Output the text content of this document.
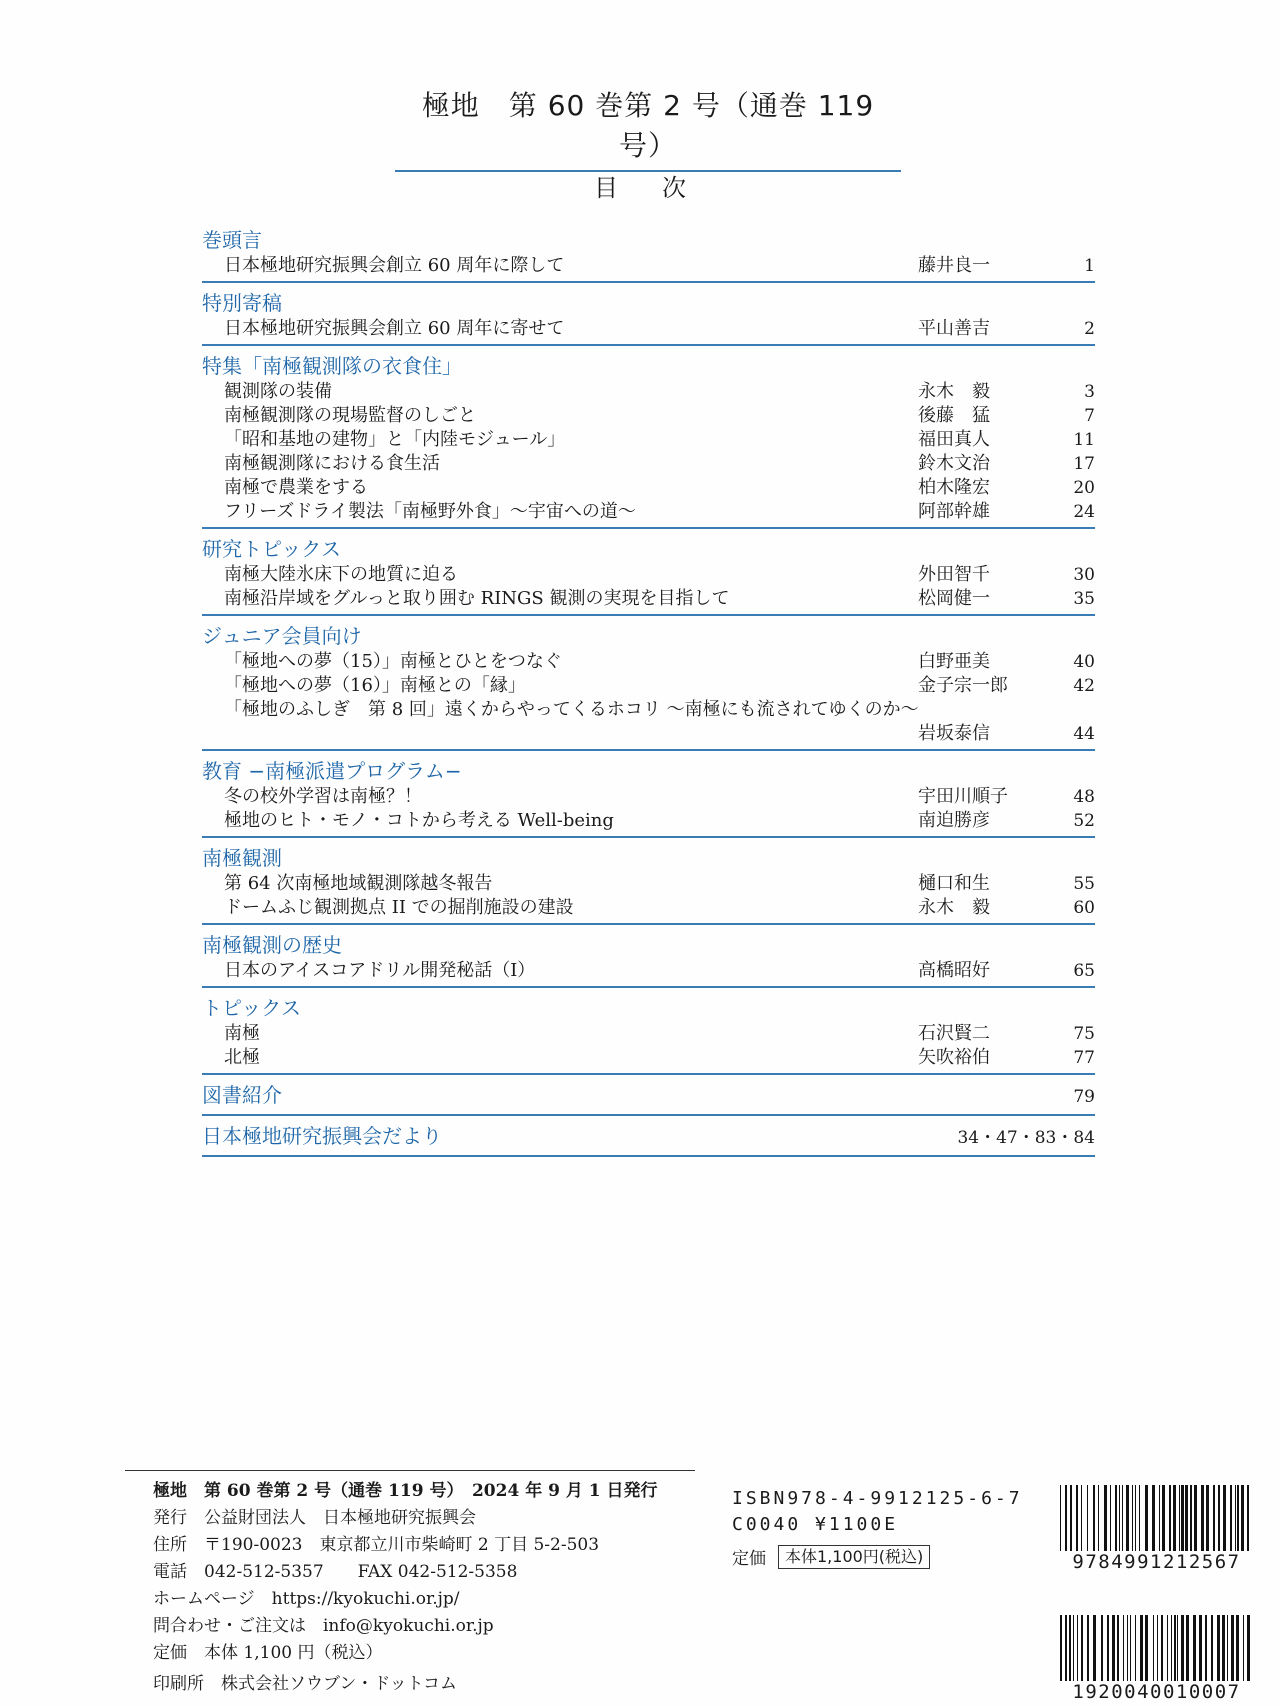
極地　第 60 巻第 2 号（通巻 119 号）
目次
巻頭言
日本極地研究振興会創立 60 周年に際して	藤井良一	1
特別寄稿
日本極地研究振興会創立 60 周年に寄せて	平山善吉	2
特集「南極観測隊の衣食住」
観測隊の装備	永木　毅	3
南極観測隊の現場監督のしごと	後藤　猛	7
「昭和基地の建物」と「内陸モジュール」	福田真人	11
南極観測隊における食生活	鈴木文治	17
南極で農業をする	柏木隆宏	20
フリーズドライ製法「南極野外食」〜宇宙への道〜	阿部幹雄	24
研究トピックス
南極大陸氷床下の地質に迫る	外田智千	30
南極沿岸域をグルっと取り囲む RINGS 観測の実現を目指して	松岡健一	35
ジュニア会員向け
「極地への夢（15）」南極とひとをつなぐ	白野亜美	40
「極地への夢（16）」南極との「縁」	金子宗一郎	42
「極地のふしぎ　第 8 回」遠くからやってくるホコリ 〜南極にも流されてゆくのか〜
岩坂泰信	44
教育 −南極派遣プログラム−
冬の校外学習は南極？！	宇田川順子	48
極地のヒト・モノ・コトから考える Well-being	南迫勝彦	52
南極観測
第 64 次南極地域観測隊越冬報告	樋口和生	55
ドームふじ観測拠点 II での掘削施設の建設	永木　毅	60
南極観測の歴史
日本のアイスコアドリル開発秘話（I）	高橋昭好	65
トピックス
南極	石沢賢二	75
北極	矢吹裕伯	77
図書紹介	79
日本極地研究振興会だより	34・47・83・84
極地　第 60 巻第 2 号（通巻 119 号）　2024 年 9 月 1 日発行
発行　公益財団法人　日本極地研究振興会
住所　〒190-0023　東京都立川市柴崎町 2 丁目 5-2-503
電話　042-512-5357　　FAX 042-512-5358
ホームページ　https://kyokuchi.or.jp/
問合わせ・ご注文は　info@kyokuchi.or.jp
定価　本体 1,100 円（税込）
印刷所　株式会社ソウブン・ドットコム
ISBN978-4-9912125-6-7
C0040 ¥1100E
定価	本体1,100円(税込)	9784991212567
1920040010007
